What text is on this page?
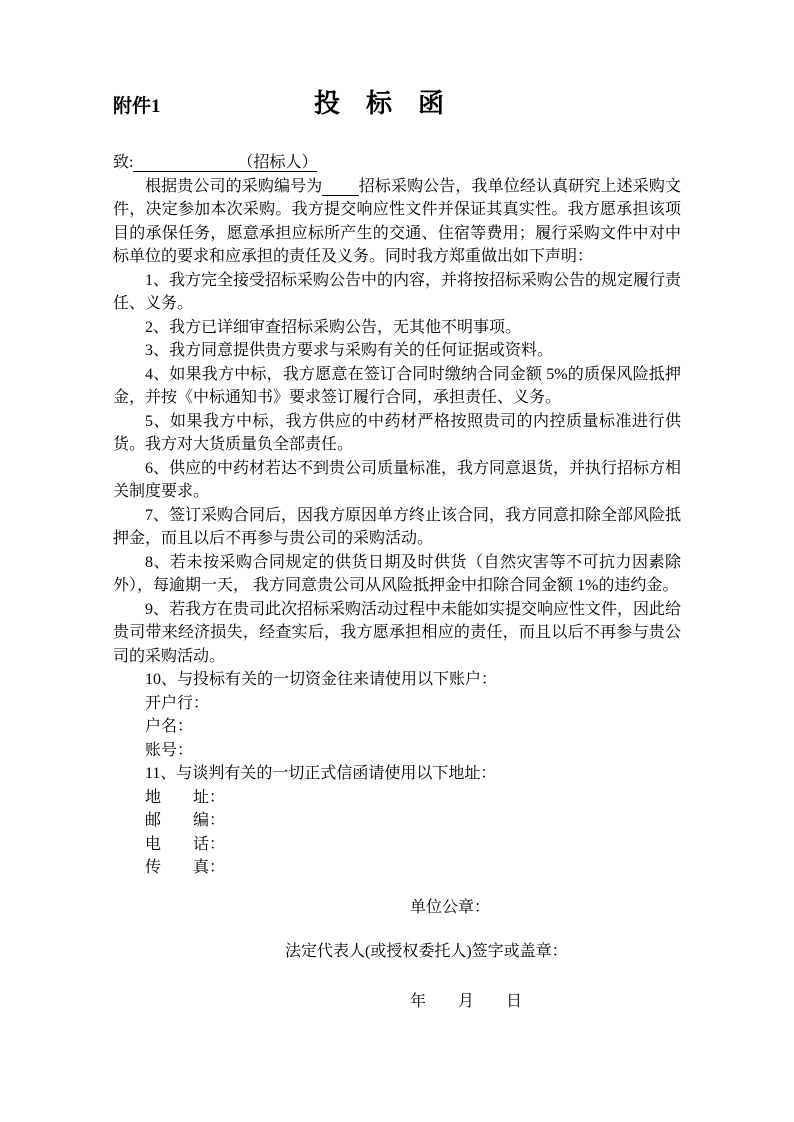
附件1	投　标　函

致:　　　　　　　	（招标人）

根据贵公司的采购编号为　　 招标采购公告，我单位经认真研究上述采购文件，决定参加本次采购。我方提交响应性文件并保证其真实性。我方愿承担该项目的承保任务，愿意承担应标所产生的交通、住宿等费用；履行采购文件中对中标单位的要求和应承担的责任及义务。同时我方郑重做出如下声明：

1、我方完全接受招标采购公告中的内容，并将按招标采购公告的规定履行责任、义务。

2、我方已详细审查招标采购公告，无其他不明事项。

3、我方同意提供贵方要求与采购有关的任何证据或资料。

4、如果我方中标，我方愿意在签订合同时缴纳合同金额 5%的质保风险抵押金，并按《中标通知书》要求签订履行合同，承担责任、义务。

5、如果我方中标，我方供应的中药材严格按照贵司的内控质量标准进行供货。我方对大货质量负全部责任。

6、供应的中药材若达不到贵公司质量标准，我方同意退货，并执行招标方相关制度要求。

7、签订采购合同后，因我方原因单方终止该合同，我方同意扣除全部风险抵押金，而且以后不再参与贵公司的采购活动。

8、若未按采购合同规定的供货日期及时供货（自然灾害等不可抗力因素除外），每逾期一天， 我方同意贵公司从风险抵押金中扣除合同金额 1%的违约金。

9、若我方在贵司此次招标采购活动过程中未能如实提交响应性文件，因此给贵司带来经济损失，经查实后，我方愿承担相应的责任，而且以后不再参与贵公司的采购活动。

10、与投标有关的一切资金往来请使用以下账户：

开户行：

户名：

账号：

11、与谈判有关的一切正式信函请使用以下地址：

地　　址：

邮　　编：

电　　话：

传　　真：

单位公章：

法定代表人(或授权委托人)签字或盖章：

年　　月　　日
